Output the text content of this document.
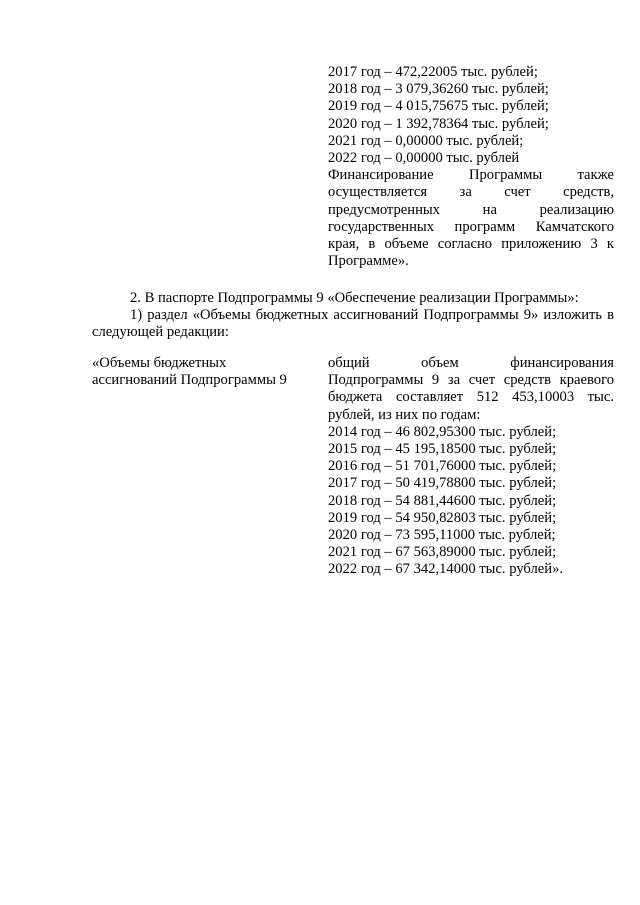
2017 год – 472,22005 тыс. рублей;
2018 год – 3 079,36260 тыс. рублей;
2019 год – 4 015,75675 тыс. рублей;
2020 год – 1 392,78364 тыс. рублей;
2021 год – 0,00000 тыс. рублей;
2022 год – 0,00000 тыс. рублей
Финансирование Программы также осуществляется за счет средств, предусмотренных на реализацию государственных программ Камчатского края, в объеме согласно приложению 3 к Программе».
2. В паспорте Подпрограммы 9 «Обеспечение реализации Программы»:
1) раздел «Объемы бюджетных ассигнований Подпрограммы 9» изложить в следующей редакции:
«Объемы бюджетных ассигнований Подпрограммы 9
общий объем финансирования Подпрограммы 9 за счет средств краевого бюджета составляет 512 453,10003 тыс. рублей, из них по годам:
2014 год – 46 802,95300 тыс. рублей;
2015 год – 45 195,18500 тыс. рублей;
2016 год – 51 701,76000 тыс. рублей;
2017 год – 50 419,78800 тыс. рублей;
2018 год – 54 881,44600 тыс. рублей;
2019 год – 54 950,82803 тыс. рублей;
2020 год – 73 595,11000 тыс. рублей;
2021 год – 67 563,89000 тыс. рублей;
2022 год – 67 342,14000 тыс. рублей».
